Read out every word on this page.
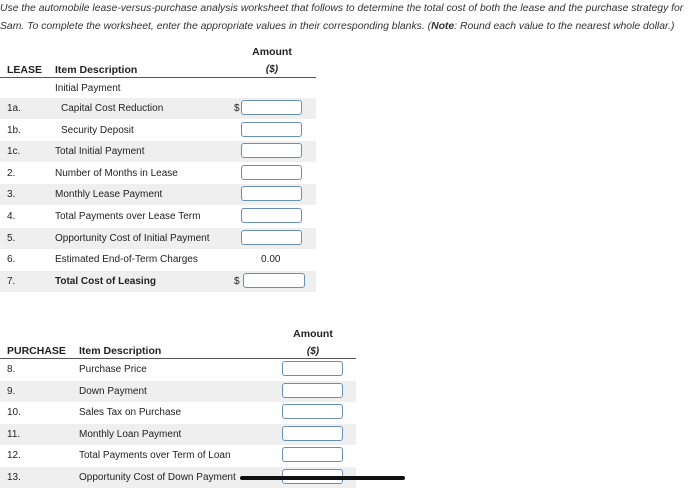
Use the automobile lease-versus-purchase analysis worksheet that follows to determine the total cost of both the lease and the purchase strategy for
Sam. To complete the worksheet, enter the appropriate values in their corresponding blanks. (Note: Round each value to the nearest whole dollar.)
Amount
($)
LEASE Item Description
Initial Payment
1a.	Capital Cost Reduction	$
1b.	Security Deposit
1c.	Total Initial Payment
2.	Number of Months in Lease
3.	Monthly Lease Payment
4.	Total Payments over Lease Term
5.	Opportunity Cost of Initial Payment
6.	Estimated End-of-Term Charges	0.00
7.	Total Cost of Leasing	$
Amount
($)
PURCHASE Item Description
8.	Purchase Price
9.	Down Payment
10.	Sales Tax on Purchase
11.	Monthly Loan Payment
12.	Total Payments over Term of Loan
13.	Opportunity Cost of Down Payment
